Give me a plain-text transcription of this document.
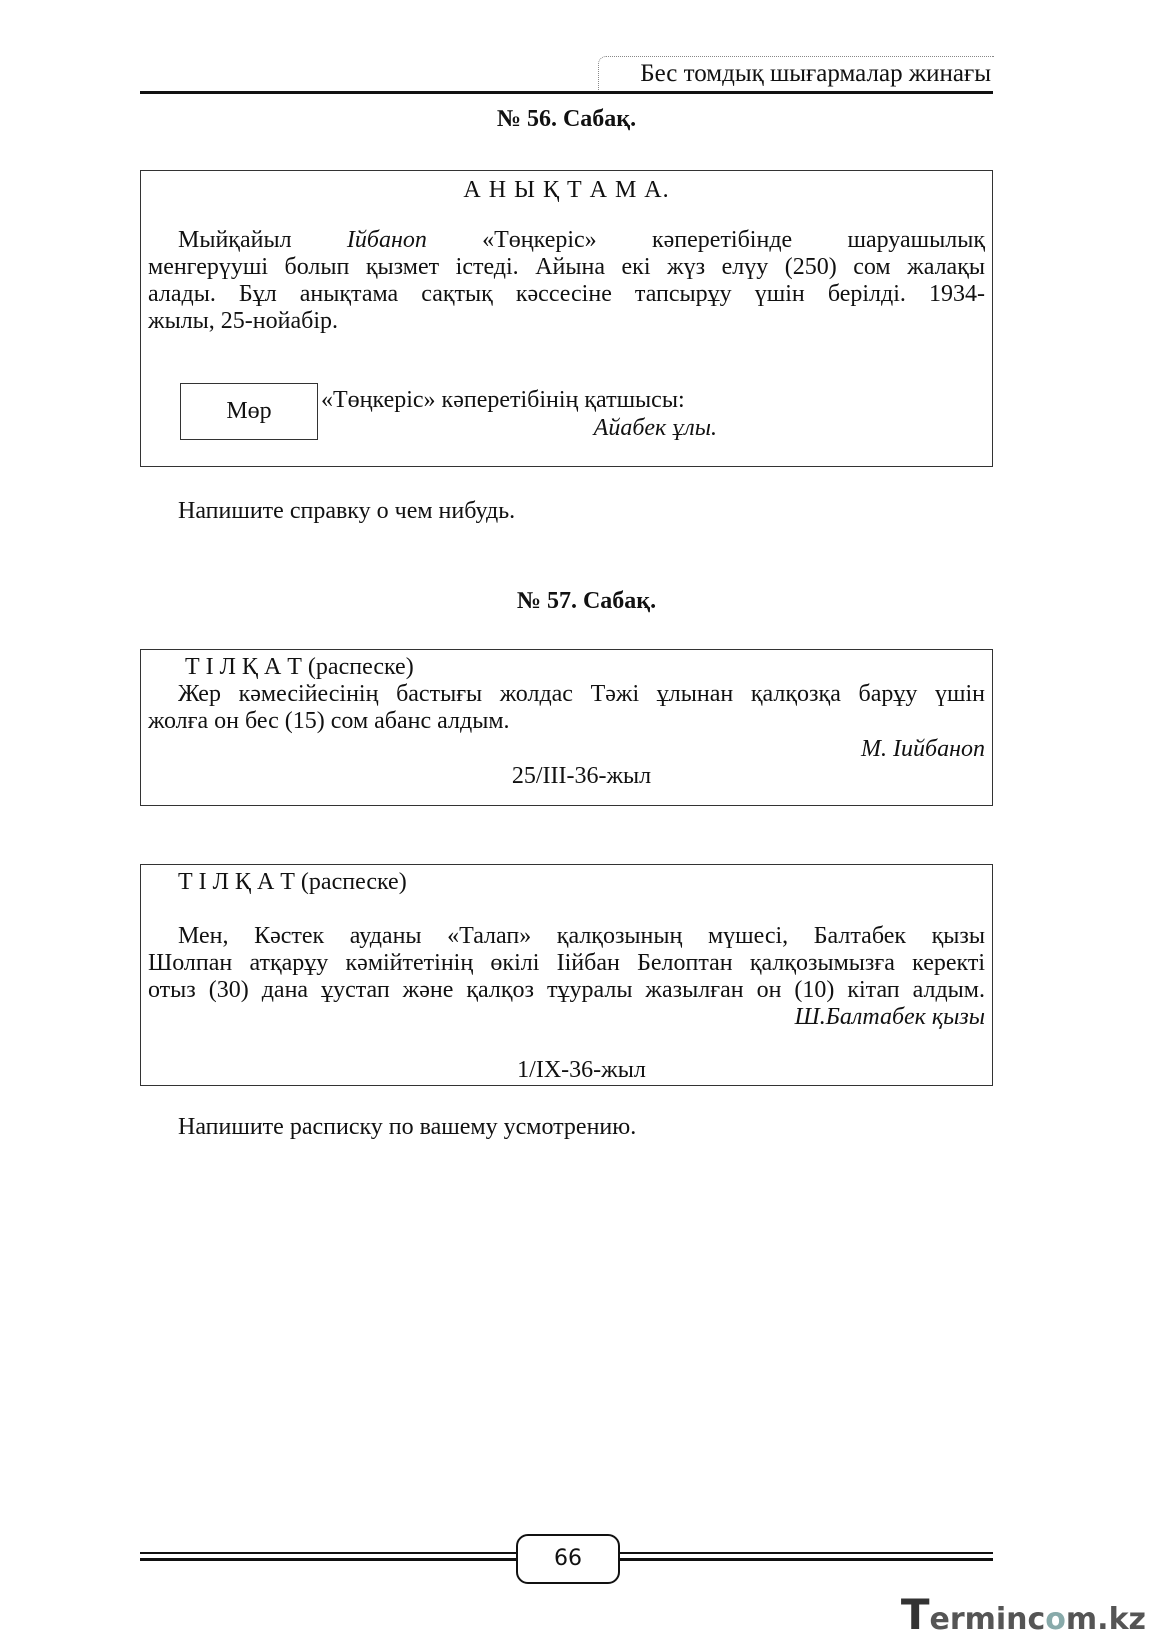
Бес томдық шығармалар жинағы
№ 56. Сабақ.
А Н Ы Қ Т А М А.
Мыйқайыл Ійбаноп «Төңкеріс» кәперетібінде шаруашылық
менгерүуші болып қызмет істеді. Айына екі жүз елүу (250) сом жалақы
алады. Бұл анықтама сақтық кәссесіне тапсырұу үшін берілді. 1934-
жылы, 25-нойабір.
«Төңкеріс» кәперетібінің қатшысы:
Айабек ұлы.
Мөр
Напишите справку о чем нибудь.
№ 57. Сабақ.
Т І Л Қ А Т (распеске)
Жер кәмесійесінің бастығы жолдас Тәжі ұлынан қалқозқа барұу үшін
жолға он бес (15) сом абанс алдым.
М. Іийбаноп
25/ІІІ-36-жыл
Т І Л Қ А Т (распеске)
Мен, Кәстек ауданы «Талап» қалқозының мүшесі, Балтабек қызы
Шолпан атқарұу кәмійтетінің өкілі Іійбан Белоптан қалқозымызға керекті
отыз (30) дана ұустап және қалқоз тұуралы жазылған он (10) кітап алдым.
Ш.Балтабек қызы
1/ІХ-36-жыл
Напишите расписку по вашему усмотрению.
66
Termincom.kz
